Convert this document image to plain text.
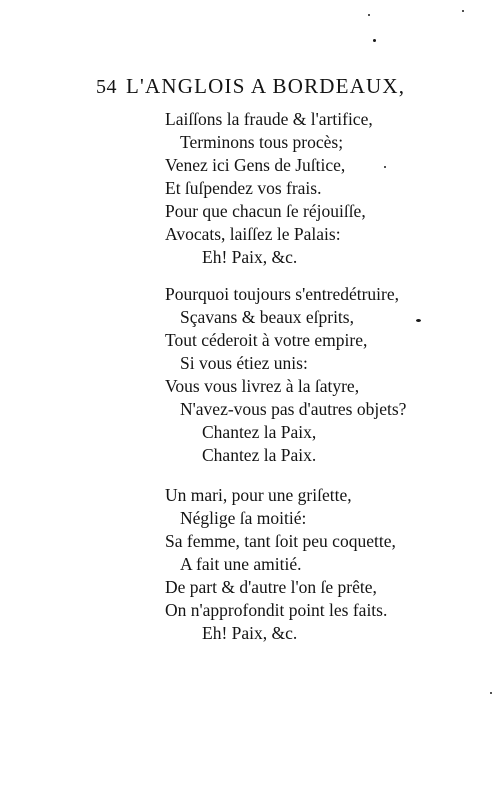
54 L'ANGLOIS A BORDEAUX,
Laiſſons la fraude & l'artifice,
Terminons tous procès;
Venez ici Gens de Juſtice,
Et ſuſpendez vos frais.
Pour que chacun ſe réjouiſſe,
Avocats, laiſſez le Palais:
Eh! Paix, &c.
Pourquoi toujours s'entredétruire,
Sçavans & beaux eſprits,
Tout céderoit à votre empire,
Si vous étiez unis:
Vous vous livrez à la ſatyre,
N'avez-vous pas d'autres objets?
Chantez la Paix,
Chantez la Paix.
Un mari, pour une griſette,
Néglige ſa moitié:
Sa femme, tant ſoit peu coquette,
A fait une amitié.
De part & d'autre l'on ſe prête,
On n'approfondit point les faits.
Eh! Paix, &c.
